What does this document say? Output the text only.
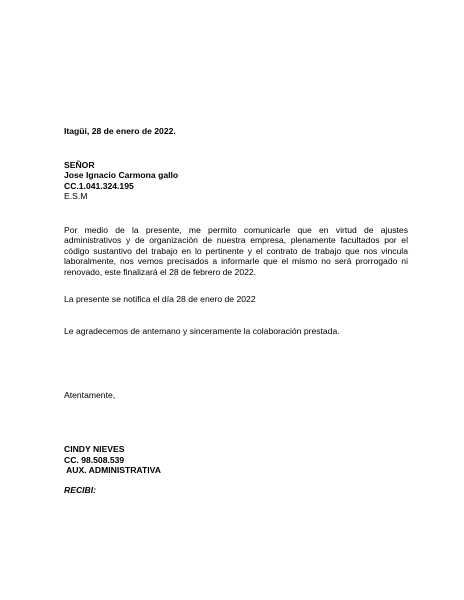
Itagüi, 28 de enero de 2022.
SEÑOR
Jose Ignacio Carmona gallo
CC.1.041.324.195
E.S.M
Por medio de la presente, me permito comunicarle que en virtud de ajustes administrativos y de organización de nuestra empresa, plenamente facultados por el código sustantivo del trabajo en lo pertinente y el contrato de trabajo que nos vincula laboralmente, nos vemos precisados a informarle que el mismo no será prorrogado ni renovado, este finalizará el 28 de febrero de 2022.
La presente se notifica el día 28 de enero de 2022
Le agradecemos de antemano y sinceramente la colaboración prestada.
Atentamente,
CINDY NIEVES
CC. 98.508.539
AUX. ADMINISTRATIVA
RECIBI:
